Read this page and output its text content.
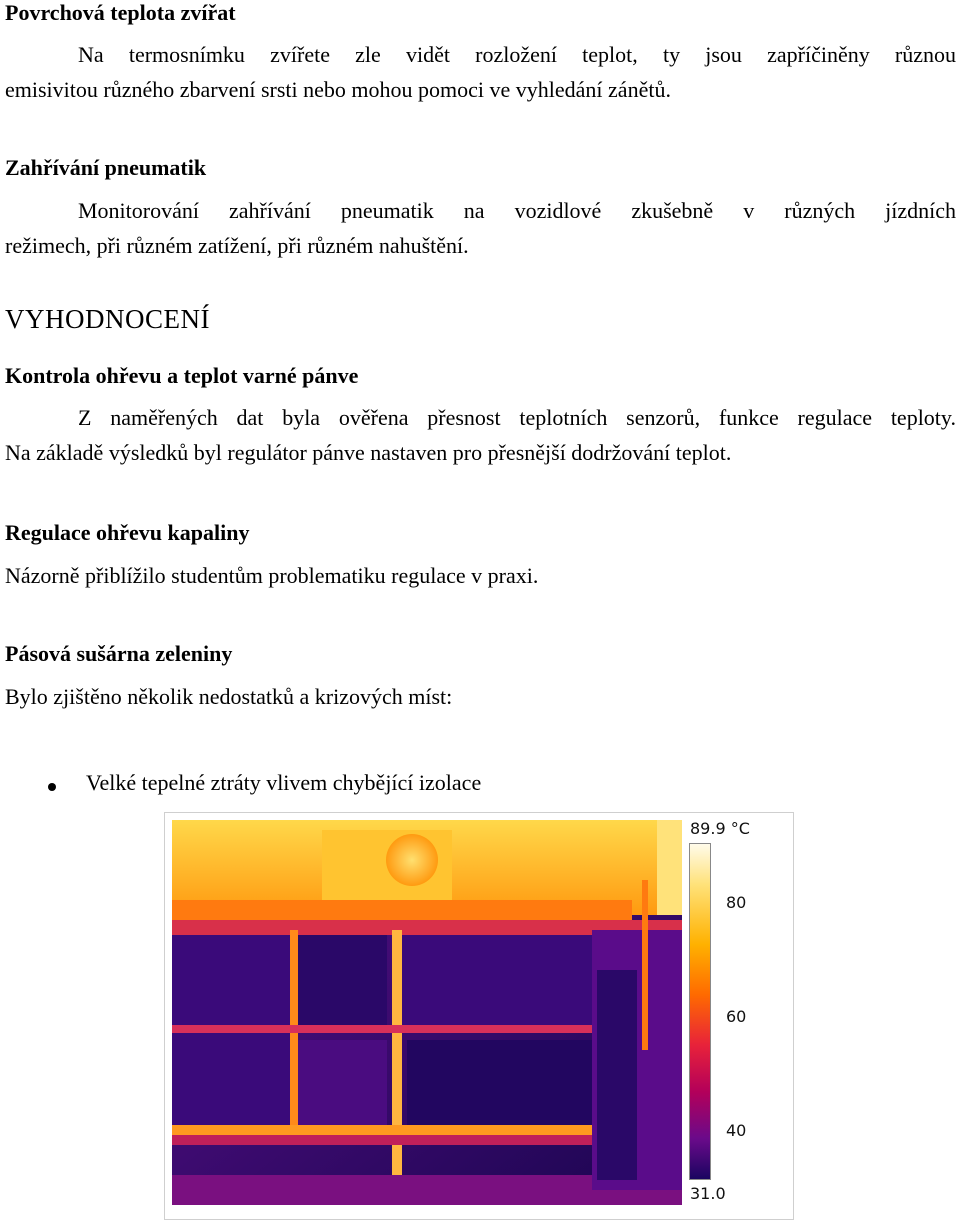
Povrchová teplota zvířat
Na termosnímku zvířete zle vidět rozložení teplot, ty jsou zapříčiněny různou
emisivitou různého zbarvení srsti nebo mohou pomoci ve vyhledání zánětů.
Zahřívání pneumatik
Monitorování zahřívání pneumatik na vozidlové zkušebně v různých jízdních
režimech, při různém zatížení, při různém nahuštění.
VYHODNOCENÍ
Kontrola ohřevu a teplot varné pánve
Z naměřených dat byla ověřena přesnost teplotních senzorů, funkce regulace teploty.
Na základě výsledků byl regulátor pánve nastaven pro přesnější dodržování teplot.
Regulace ohřevu kapaliny
Názorně přiblížilo studentům problematiku regulace v praxi.
Pásová sušárna zeleniny
Bylo zjištěno několik nedostatků a krizových míst:
Velké tepelné ztráty vlivem chybějící izolace
89.9 °C
80
60
40
31.0
